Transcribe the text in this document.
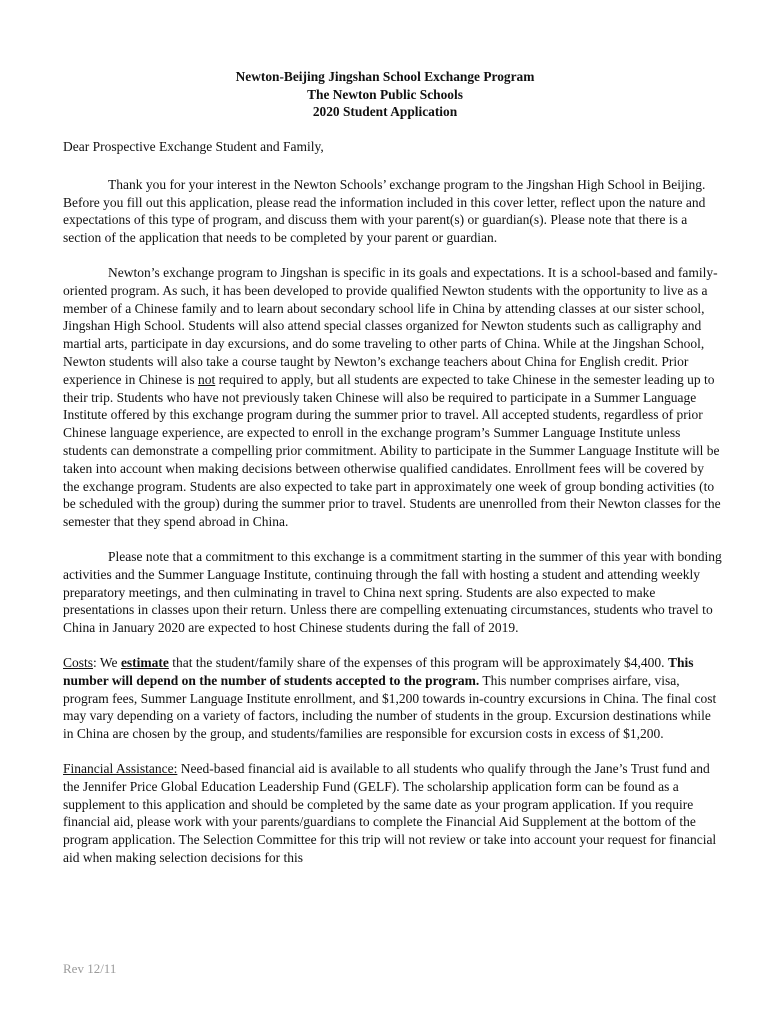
Newton-Beijing Jingshan School Exchange Program
The Newton Public Schools
2020 Student Application

Dear Prospective Exchange Student and Family,

Thank you for your interest in the Newton Schools’ exchange program to the Jingshan High School in Beijing. Before you fill out this application, please read the information included in this cover letter, reflect upon the nature and expectations of this type of program, and discuss them with your parent(s) or guardian(s). Please note that there is a section of the application that needs to be completed by your parent or guardian.

Newton’s exchange program to Jingshan is specific in its goals and expectations. It is a school-based and family-oriented program. As such, it has been developed to provide qualified Newton students with the opportunity to live as a member of a Chinese family and to learn about secondary school life in China by attending classes at our sister school, Jingshan High School. Students will also attend special classes organized for Newton students such as calligraphy and martial arts, participate in day excursions, and do some traveling to other parts of China. While at the Jingshan School, Newton students will also take a course taught by Newton’s exchange teachers about China for English credit. Prior experience in Chinese is not required to apply, but all students are expected to take Chinese in the semester leading up to their trip. Students who have not previously taken Chinese will also be required to participate in a Summer Language Institute offered by this exchange program during the summer prior to travel. All accepted students, regardless of prior Chinese language experience, are expected to enroll in the exchange program’s Summer Language Institute unless students can demonstrate a compelling prior commitment. Ability to participate in the Summer Language Institute will be taken into account when making decisions between otherwise qualified candidates. Enrollment fees will be covered by the exchange program. Students are also expected to take part in approximately one week of group bonding activities (to be scheduled with the group) during the summer prior to travel. Students are unenrolled from their Newton classes for the semester that they spend abroad in China.

Please note that a commitment to this exchange is a commitment starting in the summer of this year with bonding activities and the Summer Language Institute, continuing through the fall with hosting a student and attending weekly preparatory meetings, and then culminating in travel to China next spring. Students are also expected to make presentations in classes upon their return. Unless there are compelling extenuating circumstances, students who travel to China in January 2020 are expected to host Chinese students during the fall of 2019.

Costs: We estimate that the student/family share of the expenses of this program will be approximately $4,400. This number will depend on the number of students accepted to the program. This number comprises airfare, visa, program fees, Summer Language Institute enrollment, and $1,200 towards in-country excursions in China. The final cost may vary depending on a variety of factors, including the number of students in the group. Excursion destinations while in China are chosen by the group, and students/families are responsible for excursion costs in excess of $1,200.

Financial Assistance: Need-based financial aid is available to all students who qualify through the Jane’s Trust fund and the Jennifer Price Global Education Leadership Fund (GELF). The scholarship application form can be found as a supplement to this application and should be completed by the same date as your program application. If you require financial aid, please work with your parents/guardians to complete the Financial Aid Supplement at the bottom of the program application. The Selection Committee for this trip will not review or take into account your request for financial aid when making selection decisions for this

Rev 12/11
